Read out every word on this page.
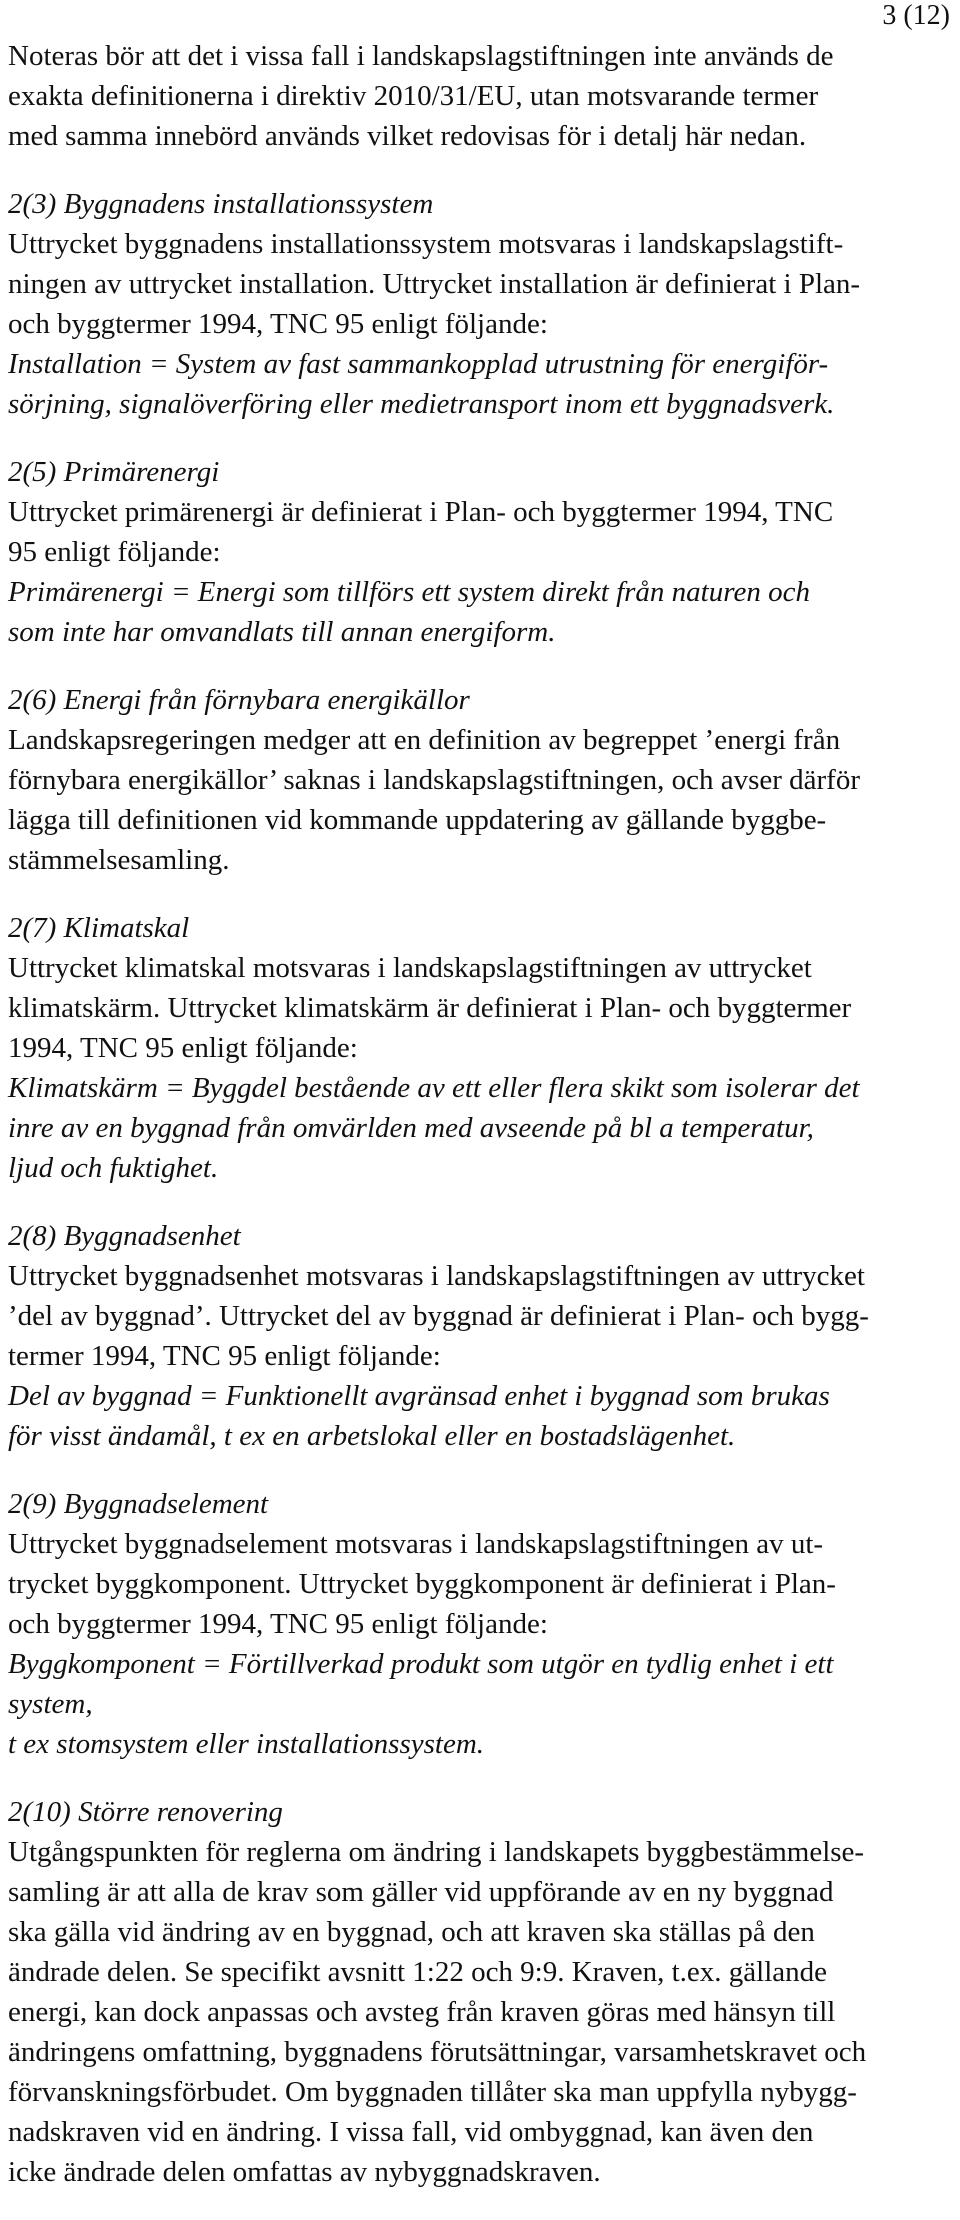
3 (12)
Noteras bör att det i vissa fall i landskapslagstiftningen inte används de
exakta definitionerna i direktiv 2010/31/EU, utan motsvarande termer
med samma innebörd används vilket redovisas för i detalj här nedan.
2(3) Byggnadens installationssystem
Uttrycket byggnadens installationssystem motsvaras i landskapslagstift-
ningen av uttrycket installation. Uttrycket installation är definierat i Plan-
och byggtermer 1994, TNC 95 enligt följande:
Installation = System av fast sammankopplad utrustning för energiför-
sörjning, signalöverföring eller medietransport inom ett byggnadsverk.
2(5) Primärenergi
Uttrycket primärenergi är definierat i Plan- och byggtermer 1994, TNC
95 enligt följande:
Primärenergi = Energi som tillförs ett system direkt från naturen och
som inte har omvandlats till annan energiform.
2(6) Energi från förnybara energikällor
Landskapsregeringen medger att en definition av begreppet ’energi från
förnybara energikällor’ saknas i landskapslagstiftningen, och avser därför
lägga till definitionen vid kommande uppdatering av gällande byggbe-
stämmelsesamling.
2(7) Klimatskal
Uttrycket klimatskal motsvaras i landskapslagstiftningen av uttrycket
klimatskärm. Uttrycket klimatskärm är definierat i Plan- och byggtermer
1994, TNC 95 enligt följande:
Klimatskärm = Byggdel bestående av ett eller flera skikt som isolerar det
inre av en byggnad från omvärlden med avseende på bl a temperatur,
ljud och fuktighet.
2(8) Byggnadsenhet
Uttrycket byggnadsenhet motsvaras i landskapslagstiftningen av uttrycket
’del av byggnad’. Uttrycket del av byggnad är definierat i Plan- och bygg-
termer 1994, TNC 95 enligt följande:
Del av byggnad = Funktionellt avgränsad enhet i byggnad som brukas
för visst ändamål, t ex en arbetslokal eller en bostadslägenhet.
2(9) Byggnadselement
Uttrycket byggnadselement motsvaras i landskapslagstiftningen av ut-
trycket byggkomponent. Uttrycket byggkomponent är definierat i Plan-
och byggtermer 1994, TNC 95 enligt följande:
Byggkomponent = Förtillverkad produkt som utgör en tydlig enhet i ett
system,
t ex stomsystem eller installationssystem.
2(10) Större renovering
Utgångspunkten för reglerna om ändring i landskapets byggbestämmelse-
samling är att alla de krav som gäller vid uppförande av en ny byggnad
ska gälla vid ändring av en byggnad, och att kraven ska ställas på den
ändrade delen. Se specifikt avsnitt 1:22 och 9:9. Kraven, t.ex. gällande
energi, kan dock anpassas och avsteg från kraven göras med hänsyn till
ändringens omfattning, byggnadens förutsättningar, varsamhetskravet och
förvanskningsförbudet. Om byggnaden tillåter ska man uppfylla nybygg-
nadskraven vid en ändring. I vissa fall, vid ombyggnad, kan även den
icke ändrade delen omfattas av nybyggnadskraven.
